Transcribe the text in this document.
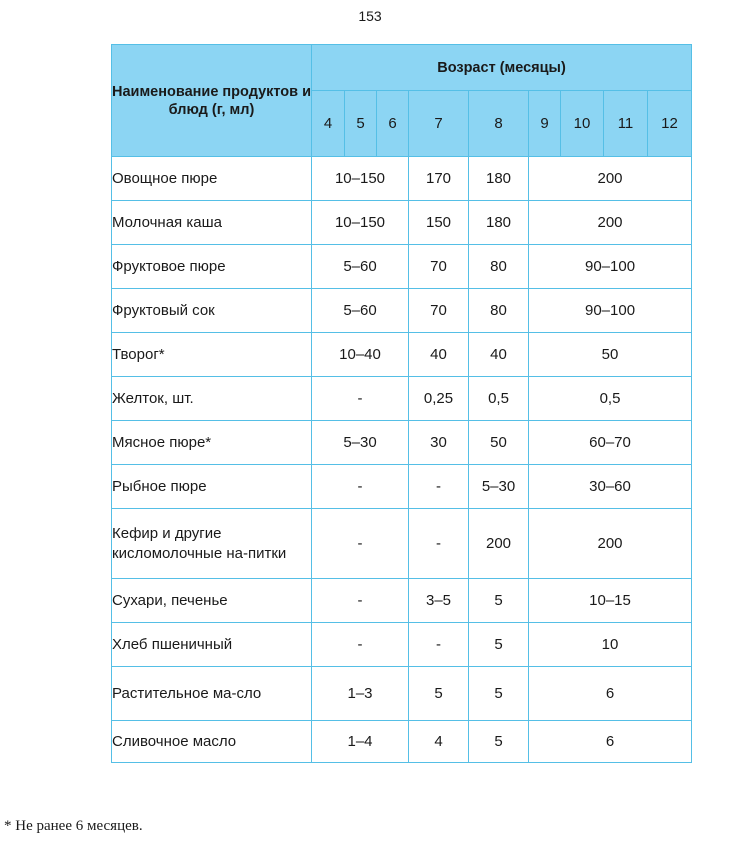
153
Наименование продуктов и блюд (г, мл)	Возраст (месяцы)								
	4	5	6	7	8	9	10	11	12
Овощное пюре	10–150			170	180	200			
Молочная каша	10–150			150	180	200			
Фруктовое пюре	5–60			70	80	90–100			
Фруктовый сок	5–60			70	80	90–100			
Творог*	10–40			40	40	50			
Желток, шт.	-			0,25	0,5	0,5			
Мясное пюре*	5–30			30	50	60–70			
Рыбное пюре	-			-	5–30	30–60			
Кефир и другие кисломолочные на-питки	-			-	200	200			
Сухари, печенье	-			3–5	5	10–15			
Хлеб пшеничный	-			-	5	10			
Растительное ма-сло	1–3			5	5	6			
Сливочное масло	1–4			4	5	6			
* Не ранее 6 месяцев.
